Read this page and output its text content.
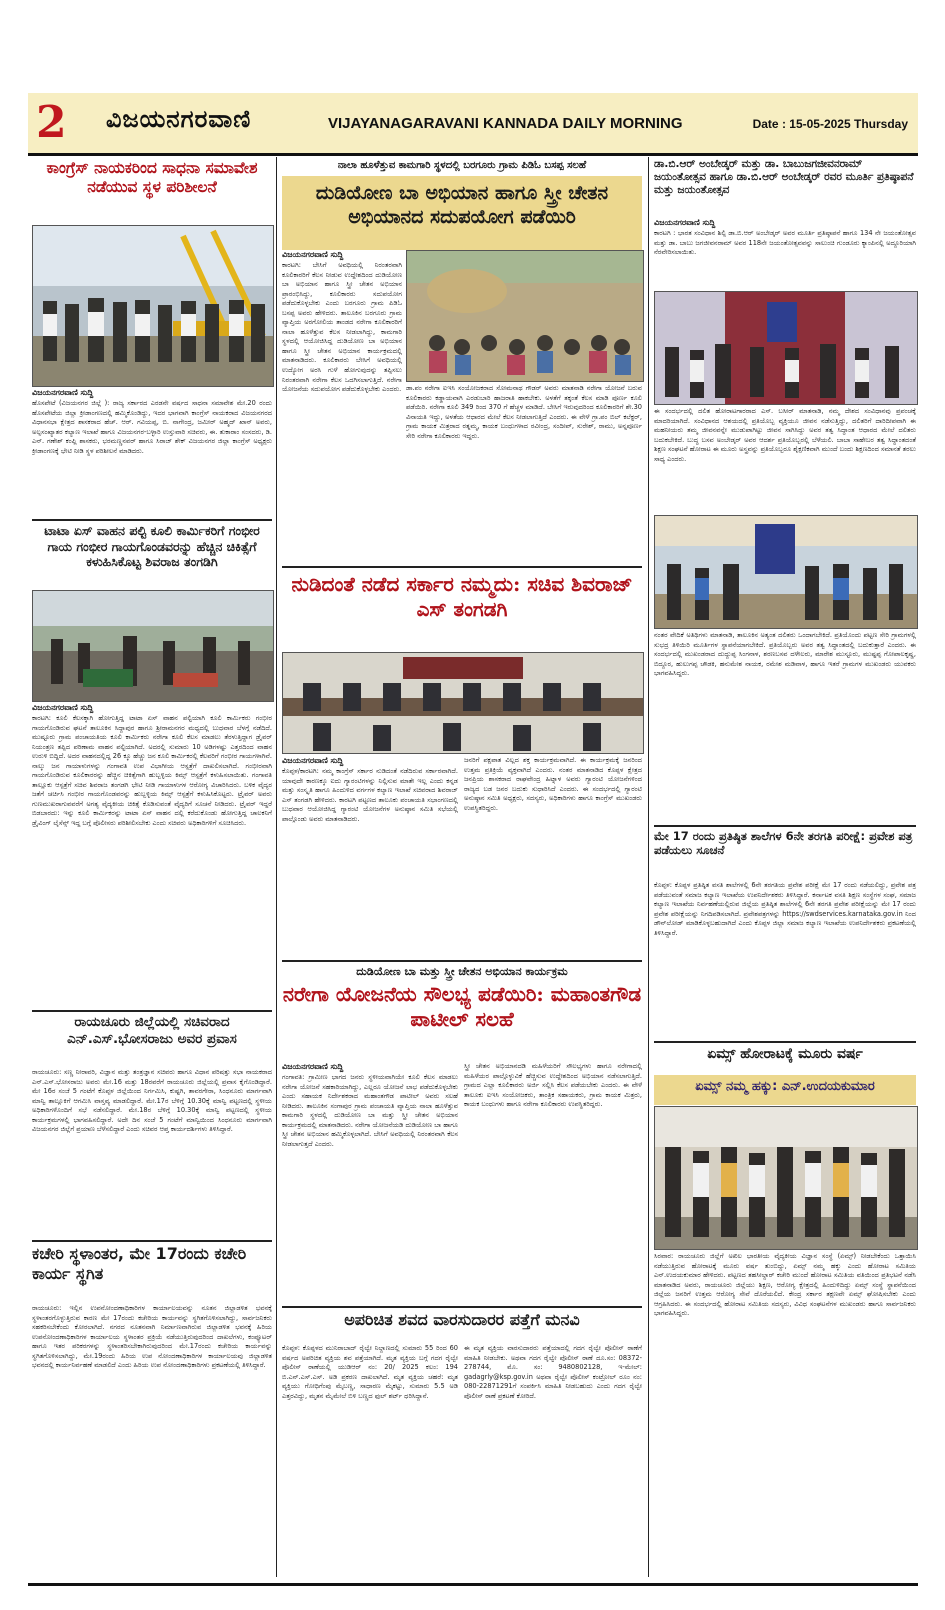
2 ವಿಜಯನಗರವಾಣಿ	VIJAYANAGARAVANI KANNADA DAILY MORNING	Date : 15-05-2025 Thursday
ಕಾಂಗ್ರೆಸ್ ನಾಯಕರಿಂದ ಸಾಧನಾ ಸಮಾವೇಶ ನಡೆಯುವ ಸ್ಥಳ ಪರಿಶೀಲನೆ
ವಿಜಯನಗರವಾಣಿ ಸುದ್ದಿ
ಹೊಸಪೇಟೆ (ವಿಜಯನಗರ ಜಿಲ್ಲೆ ): ರಾಜ್ಯ ಸರ್ಕಾರದ ಎರಡನೇ ವರ್ಷದ ಸಾಧನಾ ಸಮಾವೇಶ ಮೇ.20 ರಂದು ಹೊಸಪೇಟೆಯ ಜಿಲ್ಲಾ ಕ್ರೀಡಾಂಗಣದಲ್ಲಿ ಹಮ್ಮಿಕೊಂಡಿದ್ದು, ಇದರ ಭಾಗವಾಗಿ ಕಾಂಗ್ರೆಸ್ ನಾಯಕರಾದ ವಿಜಯನಗರದ ವಿಧಾನಸಭಾ ಕ್ಷೇತ್ರದ ಶಾಸಕರಾದ ಹೆಚ್. ಆರ್. ಗವಿಯಪ್ಪ, ಬಿ. ನಾಗೇಂದ್ರ, ಜಮೀರ್ ಅಹ್ಮದ್ ಖಾನ್ ಅವರು, ಅಲ್ಪಸಂಖ್ಯಾತರ ಕಲ್ಯಾಣ ಇಲಾಖೆ ಹಾಗೂ ವಿಜಯನಗರ-ಬಳ್ಳಾರಿ ಉಸ್ತುವಾರಿ ಸಚಿವರು, ಈ. ತುಕಾರಾಂ ಸಂಸದರು, ಡಿ. ಎನ್. ಗಣೇಶ್ ಕಂಪ್ಲಿ ಶಾಸಕರು, ಭರಮಣ್ಣನವರ್ ಹಾಗೂ ಸಿರಾಜ್ ಶೇಕ್ ವಿಜಯನಗರ ಜಿಲ್ಲಾ ಕಾಂಗ್ರೆಸ್ ಅಧ್ಯಕ್ಷರು ಕ್ರೀಡಾಂಗಣಕ್ಕೆ ಭೇಟಿ ನೀಡಿ ಸ್ಥಳ ಪರಿಶೀಲನೆ ಮಾಡಿದರು.
ಟಾಟಾ ಏಸ್ ವಾಹನ ಪಲ್ಟಿ ಕೂಲಿ ಕಾರ್ಮಿಕರಿಗೆ ಗಂಭೀರ ಗಾಯ ಗಂಭೀರ ಗಾಯಗೊಂಡವರನ್ನು ಹೆಚ್ಚಿನ ಚಿಕಿತ್ಸೆಗೆ ಕಳುಹಿಸಿಕೊಟ್ಟ ಶಿವರಾಜ ತಂಗಡಿಗಿ
ವಿಜಯನಗರವಾಣಿ ಸುದ್ದಿ
ಕಾರಟಗಿ: ಕೂಲಿ ಕೆಲಸಕ್ಕಾಗಿ ಹೋಗುತ್ತಿದ್ದ ಟಾಟಾ ಏಸ್ ವಾಹನ ಪಲ್ಟಿಯಾಗಿ ಕೂಲಿ ಕಾರ್ಮಿಕರು ಗಂಭೀರ ಗಾಯಗೊಂಡಿರುವ ಘಟನೆ ತಾಲೂಕಿನ ಸಿದ್ದಾಪುರ ಹಾಗೂ ಶ್ರೀರಾಮನಗರ ಮಧ್ಯದಲ್ಲಿ ಬುಧವಾರ ಬೆಳಗ್ಗೆ ನಡೆದಿದೆ. ಮುಷ್ಟೂರು ಗ್ರಾಮ ಪಂಚಾಯತಿಯ ಕೂಲಿ ಕಾರ್ಮಿಕರು ನರೇಗಾ ಕೂಲಿ ಕೆಲಸ ಮಾಡಲು ತೆರಳುತ್ತಿದ್ದಾಗ ಡ್ರೈವರ್ ನಿಯಂತ್ರಣ ತಪ್ಪಿದ ಪರಿಣಾಮ ವಾಹನ ಪಲ್ಟಿಯಾಗಿದೆ. ಅದರಲ್ಲಿ ಸುಮಾರು 10 ಅಡಿಗಳಷ್ಟು ಎತ್ತರದಿಂದ ವಾಹನ ಉರುಳಿ ಬಿದ್ದಿದೆ. ಅದರ ವಾಹನದಲ್ಲಿದ್ದ 26 ಕ್ಕೂ ಹೆಚ್ಚು ಜನ ಕೂಲಿ ಕಾರ್ಮಿಕರಲ್ಲಿ ಕೆಲವರಿಗೆ ಗಂಭೀರ ಗಾಯಗಳಾಗಿವೆ. ನಾಲ್ಕು ಜನ ಗಾಯಾಳುಗಳನ್ನು ಗಂಗಾವತಿ ಉಪ ವಿಭಾಗೀಯ ಆಸ್ಪತ್ರೆಗೆ ದಾಖಲಿಸಲಾಗಿದೆ. ಗಂಭೀರವಾಗಿ ಗಾಯಗೊಂಡಿರುವ ಕೂಲಿಕಾರರನ್ನು ಹೆಚ್ಚಿನ ಚಿಕಿತ್ಸೆಗಾಗಿ ಹುಬ್ಬಳ್ಳಿಯ ಕಿಮ್ಸ್ ಆಸ್ಪತ್ರೆಗೆ ಕಳುಹಿಸಲಾಯಿತು. ಗಂಗಾವತಿ ತಾಲ್ಲೂಕು ಆಸ್ಪತ್ರೆಗೆ ಸಚಿವ ಶಿವರಾಜ ತಂಗಡಗಿ ಭೇಟಿ ನೀಡಿ ಗಾಯಾಳುಗಳ ಆರೋಗ್ಯ ವಿಚಾರಿಸಿದರು. ಬಳಿಕ ವೈದ್ಯರ ಜತೆಗೆ ಚರ್ಚಿಸಿ ಗಂಭೀರ ಗಾಯಗೊಂಡವರನ್ನು ಹುಬ್ಬಳ್ಳಿಯ ಕಿಮ್ಸ್ ಆಸ್ಪತ್ರೆಗೆ ಕಳುಹಿಸಿಕೊಟ್ಟರು. ಟ್ರೈವರ್ ಅವರು ಗುಣಮುಖರಾಗುವವರೆಗೆ ಅಗತ್ಯ ವೈದ್ಯಕೀಯ ಚಿಕಿತ್ಸೆ ಕೊಡಿಸುವಂತೆ ವೈದ್ಯರಿಗೆ ಸೂಚನೆ ನೀಡಿದರು. ಟ್ರೈವರ್ ಇದ್ದರೆ ಬಿಡಬಾರದು: ಇನ್ನು ಕೂಲಿ ಕಾರ್ಮಿಕರನ್ನು ಟಾಟಾ ಏಸ್ ವಾಹನ ದಲ್ಲಿ ಕರೆದುಕೊಂಡು ಹೋಗುತ್ತಿದ್ದ ಚಾಲಕನಿಗೆ ಡ್ರೈವಿಂಗ್ ಲೈಸೆನ್ಸ್ ಇದ್ದ ಬಗ್ಗೆ ಪೊಲೀಸರು ಪರಿಶೀಲಿಸಬೇಕು ಎಂದು ಸಚಿವರು ಅಧಿಕಾರಿಗಳಿಗೆ ಸೂಚಿಸಿದರು.
ರಾಯಚೂರು ಜಿಲ್ಲೆಯಲ್ಲಿ ಸಚಿವರಾದ ಎನ್.ಎಸ್.ಭೋಸರಾಜು ಅವರ ಪ್ರವಾಸ
ರಾಯಚೂರು: ಸಣ್ಣ ನೀರಾವರಿ, ವಿಜ್ಞಾನ ಮತ್ತು ತಂತ್ರಜ್ಞಾನ ಸಚಿವರು ಹಾಗೂ ವಿಧಾನ ಪರಿಷತ್ತು ಸಭಾ ನಾಯಕರಾದ ಎನ್.ಎಸ್.ಭೋಸರಾಜು ಅವರು ಮೇ.16 ಮತ್ತು 18ರವರೆಗೆ ರಾಯಚೂರು ಜಿಲ್ಲೆಯಲ್ಲಿ ಪ್ರವಾಸ ಕೈಗೊಂಡಿದ್ದಾರೆ. ಮೇ 16ರ ಸಂಜೆ 5 ಗಂಟೆಗೆ ಕೊಪ್ಪಳ ಜಿಲ್ಲೆಯಿಂದ ನಿರ್ಗಮಿಸಿ, ಕುಷ್ಟಗಿ, ತಾವರಗೇರಾ, ಸಿಂಧನೂರು ಮಾರ್ಗವಾಗಿ ಮಾನ್ವಿ ತಾಲ್ಲೂಕಿಗೆ ಆಗಮಿಸಿ ವಾಸ್ತವ್ಯ ಮಾಡಲಿದ್ದಾರೆ. ಮೇ.17ರ ಬೆಳಿಗ್ಗೆ 10.30ಕ್ಕೆ ಮಾನ್ವಿ ಪಟ್ಟಣದಲ್ಲಿ ಸ್ಥಳೀಯ ಅಧಿಕಾರಿಗಳೊಂದಿಗೆ ಸಭೆ ನಡೆಸಲಿದ್ದಾರೆ. ಮೇ.18ರ ಬೆಳಿಗ್ಗೆ 10.30ಕ್ಕೆ ಮಾನ್ವಿ ಪಟ್ಟಣದಲ್ಲಿ ಸ್ಥಳೀಯ ಕಾರ್ಯಕ್ರಮಗಳಲ್ಲಿ ಭಾಗವಹಿಸಲಿದ್ದಾರೆ. ಅದೇ ದಿನ ಸಂಜೆ 5 ಗಂಟೆಗೆ ಮಾನ್ವಿಯಿಂದ ಸಿಂಧನೂರು ಮಾರ್ಗವಾಗಿ ವಿಜಯನಗರ ಜಿಲ್ಲೆಗೆ ಪ್ರಯಾಣ ಬೆಳೆಸಲಿದ್ದಾರೆ ಎಂದು ಸಚಿವರ ಆಪ್ತ ಕಾರ್ಯದರ್ಶಿಗಳು ತಿಳಿಸಿದ್ದಾರೆ.
ಕಚೇರಿ ಸ್ಥಳಾಂತರ, ಮೇ 17ರಂದು ಕಚೇರಿ ಕಾರ್ಯ ಸ್ಥಗಿತ
ರಾಯಚೂರು: ಇಲ್ಲಿನ ಉಪನೋಂದಣಾಧಿಕಾರಿಗಳ ಕಾರ್ಯಾಲಯವನ್ನು ನೂತನ ಜಿಲ್ಲಾಡಳಿತ ಭವನಕ್ಕೆ ಸ್ಥಳಾಂತರಗೊಳ್ಳುತ್ತಿರುವ ಕಾರಣ ಮೇ 17ರಂದು ಕಚೇರಿಯ ಕಾರ್ಯವನ್ನು ಸ್ಥಗಿತಗೊಳಿಸಲಾಗಿದ್ದು, ಸಾರ್ವಜನಿಕರು ಸಹಕರಿಸಬೇಕೆಂದು ಕೋರಲಾಗಿದೆ. ನಗರದ ನೂತನವಾಗಿ ನಿರ್ಮಾಣವಾಗಿರುವ ಜಿಲ್ಲಾಡಳಿತ ಭವನಕ್ಕೆ ಹಿರಿಯ ಉಪನೋಂದಣಾಧಿಕಾರಿಗಳ ಕಾರ್ಯಾಲಯ ಸ್ಥಳಾಂತರ ಪ್ರಕ್ರಿಯೆ ನಡೆಯುತ್ತಿರುವುದರಿಂದ ದಾಖಲೆಗಳು, ಕಂಪ್ಯೂಟರ್ ಹಾಗೂ ಇತರ ಪರಿಕರಗಳನ್ನು ಸ್ಥಳಾಂತರಿಸಬೇಕಾಗಿರುವುದರಿಂದ ಮೇ.17ರಂದು ಕಚೇರಿಯ ಕಾರ್ಯವನ್ನು ಸ್ಥಗಿತಗೊಳಿಸಲಾಗಿದ್ದು, ಮೇ.19ರಂದು ಹಿರಿಯ ಉಪ ನೋಂದಣಾಧಿಕಾರಿಗಳ ಕಾರ್ಯಾಲಯವು ಜಿಲ್ಲಾಡಳಿತ ಭವನದಲ್ಲಿ ಕಾರ್ಯನಿರ್ವಹಣೆ ಮಾಡಲಿದೆ ಎಂದು ಹಿರಿಯ ಉಪ ನೋಂದಣಾಧಿಕಾರಿಗಳು ಪ್ರಕಟಣೆಯಲ್ಲಿ ತಿಳಿಸಿದ್ದಾರೆ.
ನಾಲಾ ಹೂಳೆತ್ತುವ ಕಾಮಗಾರಿ ಸ್ಥಳದಲ್ಲಿ ಬರಗೂರು ಗ್ರಾಮ ಪಿಡಿಓ ಬಸಪ್ಪ ಸಲಹೆ
ದುಡಿಯೋಣ ಬಾ ಅಭಿಯಾನ ಹಾಗೂ ಸ್ತ್ರೀ ಚೇತನ ಅಭಿಯಾನದ ಸದುಪಯೋಗ ಪಡೆಯಿರಿ
ವಿಜಯನಗರವಾಣಿ ಸುದ್ದಿ
ಕಾರಟಗಿ: ಬೇಸಿಗೆ ಅವಧಿಯಲ್ಲಿ ನಿರಂತರವಾಗಿ ಕೂಲಿಕಾರರಿಗೆ ಕೆಲಸ ನೀಡುವ ಉದ್ದೇಶದಿಂದ ದುಡಿಯೋಣ ಬಾ ಅಭಿಯಾನ ಹಾಗೂ ಸ್ತ್ರೀ ಚೇತನ ಅಭಿಯಾನ ಪ್ರಾರಂಭಿಸಿದ್ದು, ಕೂಲಿಕಾರರು ಸದುಪಯೋಗ ಪಡೆದುಕೊಳ್ಳಬೇಕು ಎಂದು ಬರಗೂರು ಗ್ರಾಮ ಪಿಡಿಓ ಬಸಪ್ಪ ಅವರು ಹೇಳಿದರು. ತಾಲೂಕಿನ ಬರಗೂರು ಗ್ರಾಮ ವ್ಯಾಪ್ತಿಯ ಅರಗೋಲಿಯ ತಾಂಡದ ನರೇಗಾ ಕೂಲಿಕಾರರಿಗೆ ನಾಲಾ ಹೂಳೆತ್ತುವ ಕೆಲಸ ನೀಡಲಾಗಿದ್ದು, ಕಾಮಗಾರಿ ಸ್ಥಳದಲ್ಲಿ ಆಯೋಜಿಸಿದ್ದ ದುಡಿಯೋಣ ಬಾ ಅಭಿಯಾನ ಹಾಗೂ ಸ್ತ್ರೀ ಚೇತನ ಅಭಿಯಾನ ಕಾರ್ಯಕ್ರಮದಲ್ಲಿ ಮಾತನಾಡಿದರು. ಕೂಲಿಕಾರರು ಬೇಸಿಗೆ ಅವಧಿಯಲ್ಲಿ ಉದ್ಯೋಗ ಅರಸಿ ಗುಳೆ ಹೋಗುವುದನ್ನು ತಪ್ಪಿಸಲು ನಿರಂತರವಾಗಿ ನರೇಗಾ ಕೆಲಸ ಒದಗಿಸಲಾಗುತ್ತಿದೆ. ನರೇಗಾ ಯೋಜನೆಯ ಸದುಪಯೋಗ ಪಡೆದುಕೊಳ್ಳಬೇಕು ಎಂದರು. ಡಾ.ಪಂ ನರೇಗಾ ಐಇಸಿ ಸಂಯೋಜಕರಾದ ಸೋಮನಾಥ ಗೌಡರ್ ಅವರು ಮಾತನಾಡಿ ನರೇಗಾ ಯೋಜನೆ ಬರುವ ಕೂಲಿಕಾರರು ಕಡ್ಡಾಯವಾಗಿ ಎರಡುಬಾರಿ ಹಾಜರಾತಿ ಹಾಕಬೇಕು. ಅಳತೆಗೆ ತಕ್ಕಂತೆ ಕೆಲಸ ಮಾಡಿ ಪೂರ್ಣ ಕೂಲಿ ಪಡೆಯಿರಿ. ನರೇಗಾ ಕೂಲಿ 349 ರಿಂದ 370 ಗೆ ಹೆಚ್ಚಳ ಮಾಡಿದೆ. ಬೇಸಿಗೆ ಇರುವುದರಿಂದ ಕೂಲಿಕಾರರಿಗೆ ಶೇ.30 ವಿನಾಯತಿ ಇದ್ದು, ಅಳತೆಯ ಆಧಾರದ ಮೇಲೆ ಕೆಲಸ ನೀಡಲಾಗುತ್ತಿದೆ ಎಂದರು. ಈ ವೇಳೆ ಗ್ರಾ.ಪಂ ಬಿಲ್ ಕಲೆಕ್ಟರ್, ಗ್ರಾಮ ಕಾಯಕ ಮಿತ್ರರಾದ ರತ್ನಮ್ಮ, ಕಾಯಕ ಬಂಧುಗಳಾದ ರವೀಂದ್ರ, ಸಂದೀಪ್, ಸುರೇಶ್, ರಾಮು, ಅನ್ನಪೂರ್ಣ ಸೇರಿ ನರೇಗಾ ಕೂಲಿಕಾರರು ಇದ್ದರು.
ನುಡಿದಂತೆ ನಡೆದ ಸರ್ಕಾರ ನಮ್ಮದು: ಸಚಿವ ಶಿವರಾಜ್ ಎಸ್ ತಂಗಡಗಿ
ವಿಜಯನಗರವಾಣಿ ಸುದ್ದಿ
ಕೊಪ್ಪಳ/ಕಾರಟಗಿ: ನಮ್ಮ ಕಾಂಗ್ರೆಸ್ ಸರ್ಕಾರ ನುಡಿದಂತೆ ನಡೆದಿರುವ ಸರ್ಕಾರವಾಗಿದೆ. ಯಾವುದೇ ಕಾರಣಕ್ಕೂ ಐದು ಗ್ಯಾರಂಟಿಗಳನ್ನು ನಿಲ್ಲಿಸುವ ಮಾತೇ ಇಲ್ಲ ಎಂದು ಕನ್ನಡ ಮತ್ತು ಸಂಸ್ಕೃತಿ ಹಾಗೂ ಹಿಂದುಳಿದ ವರ್ಗಗಳ ಕಲ್ಯಾಣ ಇಲಾಖೆ ಸಚಿವರಾದ ಶಿವರಾಜ್ ಎಸ್ ತಂಗಡಗಿ ಹೇಳಿದರು. ಕಾರಟಗಿ ಪಟ್ಟಣದ ತಾಲೂಕು ಪಂಚಾಯತಿ ಸಭಾಂಗಣದಲ್ಲಿ ಬುಧವಾರ ಆಯೋಜಿಸಿದ್ದ ಗ್ಯಾರಂಟಿ ಯೋಜನೆಗಳ ಅನುಷ್ಠಾನ ಸಮಿತಿ ಸಭೆಯಲ್ಲಿ ಪಾಲ್ಗೊಂಡು ಅವರು ಮಾತನಾಡಿದರು.
ಜನರಿಗೆ ಪಕ್ಷಪಾತ ವಿಲ್ಲದ ಶಕ್ತ ಕಾರ್ಯಕ್ರಮವಾಗಿದೆ. ಈ ಕಾರ್ಯಕ್ರಮಕ್ಕೆ ಜನರಿಂದ ಉತ್ತಮ ಪ್ರತಿಕ್ರಿಯೆ ವ್ಯಕ್ತವಾಗಿದೆ ಎಂದರು. ನಂತರ ಮಾತನಾಡಿದ ಕೊಪ್ಪಳ ಕ್ಷೇತ್ರದ ಜನಪ್ರಿಯ ಶಾಸಕರಾದ ರಾಘವೇಂದ್ರ ಹಿಟ್ನಾಳ ಅವರು ಗ್ಯಾರಂಟಿ ಯೋಜನೆಗಳಿಂದ ರಾಜ್ಯದ ಬಡ ಜನರ ಬದುಕು ಸುಧಾರಿಸಿದೆ ಎಂದರು. ಈ ಸಂದರ್ಭದಲ್ಲಿ ಗ್ಯಾರಂಟಿ ಅನುಷ್ಠಾನ ಸಮಿತಿ ಅಧ್ಯಕ್ಷರು, ಸದಸ್ಯರು, ಅಧಿಕಾರಿಗಳು ಹಾಗೂ ಕಾಂಗ್ರೆಸ್ ಮುಖಂಡರು ಉಪಸ್ಥಿತರಿದ್ದರು.
ದುಡಿಯೋಣ ಬಾ ಮತ್ತು ಸ್ತ್ರೀ ಚೇತನ ಅಭಿಯಾನ ಕಾರ್ಯಕ್ರಮ
ನರೇಗಾ ಯೋಜನೆಯ ಸೌಲಭ್ಯ ಪಡೆಯಿರಿ: ಮಹಾಂತಗೌಡ ಪಾಟೀಲ್ ಸಲಹೆ
ವಿಜಯನಗರವಾಣಿ ಸುದ್ದಿ
ಗಂಗಾವತಿ: ಗ್ರಾಮೀಣ ಭಾಗದ ಜನರು ಸ್ಥಳೀಯವಾಗಿಯೇ ಕೂಲಿ ಕೆಲಸ ಮಾಡಲು ನರೇಗಾ ಯೋಜನೆ ಸಹಕಾರಿಯಾಗಿದ್ದು, ಎಲ್ಲರೂ ಯೋಜನೆ ಲಾಭ ಪಡೆದುಕೊಳ್ಳಬೇಕು ಎಂದು ಸಹಾಯಕ ನಿರ್ದೇಶಕರಾದ ಮಹಾಂತಗೌಡ ಪಾಟೀಲ್ ಅವರು ಸಲಹೆ ನೀಡಿದರು. ತಾಲೂಕಿನ ಸಂಗಾಪುರ ಗ್ರಾಮ ಪಂಚಾಯತಿ ವ್ಯಾಪ್ತಿಯ ನಾಲಾ ಹೂಳೆತ್ತುವ ಕಾಮಗಾರಿ ಸ್ಥಳದಲ್ಲಿ ದುಡಿಯೋಣ ಬಾ ಮತ್ತು ಸ್ತ್ರೀ ಚೇತನ ಅಭಿಯಾನ ಕಾರ್ಯಕ್ರಮದಲ್ಲಿ ಮಾತನಾಡಿದರು. ನರೇಗಾ ಯೋಜನೆಯಡಿ ದುಡಿಯೋಣ ಬಾ ಹಾಗೂ ಸ್ತ್ರೀ ಚೇತನ ಅಭಿಯಾನ ಹಮ್ಮಿಕೊಳ್ಳಲಾಗಿದೆ. ಬೇಸಿಗೆ ಅವಧಿಯಲ್ಲಿ ನಿರಂತರವಾಗಿ ಕೆಲಸ ನೀಡಲಾಗುತ್ತದೆ ಎಂದರು.
ಸ್ತ್ರೀ ಚೇತನ ಅಭಿಯಾನದಡಿ ಮಹಿಳೆಯರಿಗೆ ಸೌಲಭ್ಯಗಳು ಹಾಗೂ ನರೇಗಾದಲ್ಲಿ ಮಹಿಳೆಯರ ಪಾಲ್ಗೊಳ್ಳುವಿಕೆ ಹೆಚ್ಚಿಸುವ ಉದ್ದೇಶದಿಂದ ಅಭಿಯಾನ ನಡೆಸಲಾಗುತ್ತಿದೆ. ಗ್ರಾಮದ ಎಲ್ಲಾ ಕೂಲಿಕಾರರು ಅರ್ಜಿ ಸಲ್ಲಿಸಿ ಕೆಲಸ ಪಡೆಯಬೇಕು ಎಂದರು. ಈ ವೇಳೆ ತಾಲೂಕು ಐಇಸಿ ಸಂಯೋಜಕರು, ತಾಂತ್ರಿಕ ಸಹಾಯಕರು, ಗ್ರಾಮ ಕಾಯಕ ಮಿತ್ರರು, ಕಾಯಕ ಬಂಧುಗಳು ಹಾಗೂ ನರೇಗಾ ಕೂಲಿಕಾರರು ಉಪಸ್ಥಿತರಿದ್ದರು.
ಅಪರಿಚಿತ ಶವದ ವಾರಸುದಾರರ ಪತ್ತೆಗೆ ಮನವಿ
ಕೊಪ್ಪಳ: ಕೊಪ್ಪಳದ ಮುನಿರಾಬಾದ್ ರೈಲ್ವೇ ನಿಲ್ದಾಣದಲ್ಲಿ ಸುಮಾರು 55 ರಿಂದ 60 ವರ್ಷದ ಅಪರಿಚಿತ ವ್ಯಕ್ತಿಯ ಶವ ಪತ್ತೆಯಾಗಿದೆ. ಮೃತ ವ್ಯಕ್ತಿಯ ಬಗ್ಗೆ ಗದಗ ರೈಲ್ವೇ ಪೊಲೀಸ್ ಠಾಣೆಯಲ್ಲಿ ಯುಡಿಆರ್ ನಂ: 20/ 2025 ಕಲಂ: 194 ಬಿ.ಎನ್.ಎಸ್.ಎಸ್. ಅಡಿ ಪ್ರಕರಣ ದಾಖಲಾಗಿದೆ. ಮೃತ ವ್ಯಕ್ತಿಯ ಚಹರೆ: ಮೃತ ವ್ಯಕ್ತಿಯು ಗೋಧಿಗೆಂಪು ಮೈಬಣ್ಣ, ಸಾಧಾರಣ ಮೈಕಟ್ಟು, ಸುಮಾರು 5.5 ಅಡಿ ಎತ್ತರವಿದ್ದು, ಮೃತನ ಮೈಮೇಲೆ ಬಿಳಿ ಬಣ್ಣದ ಫುಲ್ ಶರ್ಟ್ ಧರಿಸಿದ್ದಾನೆ.
ಈ ಮೃತ ವ್ಯಕ್ತಿಯ ವಾರಸುದಾರರು ಪತ್ತೆಯಾದಲ್ಲಿ ಗದಗ ರೈಲ್ವೇ ಪೊಲೀಸ್ ಠಾಣೆಗೆ ಮಾಹಿತಿ ನೀಡಬೇಕು. ಅಥವಾ ಗದಗ ರೈಲ್ವೇ ಪೊಲೀಸ್ ಠಾಣೆ ದೂ.ಸಂ: 08372-278744, ಮೊ. ಸಂ: 9480802128, ಇ-ಮೇಲ್: gadagrly@ksp.gov.in ಅಥವಾ ರೈಲ್ವೇ ಪೊಲೀಸ್ ಕಂಟ್ರೋಲ್ ರೂಂ ನಂ: 080-22871291ಗೆ ಸಂಪರ್ಕಿಸಿ ಮಾಹಿತಿ ನೀಡಬಹುದು ಎಂದು ಗದಗ ರೈಲ್ವೇ ಪೊಲೀಸ್ ಠಾಣೆ ಪ್ರಕಟಣೆ ಕೋರಿದೆ.
ಡಾ.ಬಿ.ಆರ್ ಅಂಬೇಡ್ಕರ್ ಮತ್ತು ಡಾ. ಬಾಬುಜಗಜೀವನರಾಮ್ ಜಯಂತೋತ್ಸವ ಹಾಗೂ ಡಾ.ಬಿ.ಆರ್ ಅಂಬೇಡ್ಕರ್ ರವರ ಮೂರ್ತಿ ಪ್ರತಿಷ್ಠಾಪನೆ ಮತ್ತು ಜಯಂತೋತ್ಸವ
ವಿಜಯನಗರವಾಣಿ ಸುದ್ದಿ
ಕಾರಟಗಿ : ಭಾರತ ಸಂವಿಧಾನ ಶಿಲ್ಪಿ ಡಾ.ಬಿ.ಆರ್ ಅಂಬೇಡ್ಕರ್ ಅವರ ಮೂರ್ತಿ ಪ್ರತಿಷ್ಠಾಪನೆ ಹಾಗೂ 134 ನೇ ಜಯಂತೋತ್ಸವ ಮತ್ತು ಡಾ. ಬಾಬು ಜಗಜೀವನರಾಮ್ ಅವರ 118ನೇ ಜಯಂತೋತ್ಸವವನ್ನು ಸಾಲುಂಚಿ ಗುಂಡೂರು ಕ್ಯಾಂಪಿನಲ್ಲಿ ಅದ್ದೂರಿಯಾಗಿ ನೆರವೇರಿಸಲಾಯಿತು.
ಈ ಸಂದರ್ಭದಲ್ಲಿ ದಲಿತ ಹೋರಾಟಗಾರರಾದ ಎಸ್. ಬಸೀರ್ ಮಾತನಾಡಿ, ನಮ್ಮ ದೇಶದ ಸಂವಿಧಾನವು ಪ್ರಪಂಚಕ್ಕೆ ಮಾದರಿಯಾಗಿದೆ. ಸಂವಿಧಾನದ ಆಶಯದಲ್ಲಿ ಪ್ರತಿಯೊಬ್ಬ ವ್ಯಕ್ತಿಯೂ ಜೀವನ ನಡೆಸುತ್ತಿದ್ದು, ದಲಿತರಿಗೆ ದಾರಿದೀಪವಾಗಿ ಈ ಮಹನೀಯರು ತಮ್ಮ ಜೀವನವನ್ನೇ ಮುಡುಪಾಗಿಟ್ಟು ಜೀವನ ಸಾಗಿಸಿದ್ದು ಅವರ ತತ್ವ ಸಿದ್ಧಾಂತ ಆಧಾರದ ಮೇಲೆ ದಲಿತರು ಬದುಕಬೇಕಿದೆ. ಬುದ್ಧ ಬಸವ ಅಂಬೇಡ್ಕರ್ ಅವರ ಆದರ್ಶ ಪ್ರತಿಯೊಬ್ಬರಲ್ಲಿ ಬೆಳೆಯಲಿ. ಬಾಬಾ ಸಾಹೇಬರ ತತ್ವ ಸಿದ್ಧಾಂತದಂತೆ ಶಿಕ್ಷಣ ಸಂಘಟನೆ ಹೋರಾಟ ಈ ಮೂರು ಅಸ್ತ್ರವನ್ನು ಪ್ರತಿಯೊಬ್ಬರೂ ಶೈಕ್ಷಣಿಕವಾಗಿ ಮುಂದೆ ಬಂದು ಶಿಕ್ಷಣದಿಂದ ಸಮಾನತೆ ತರಲು ಸಾಧ್ಯ ಎಂದರು.
ನಂತರ ವೇದಿಕೆ ಅತಿಥಿಗಳು ಮಾತನಾಡಿ, ತಾಲೂಕಿನ ಅತ್ಯಂತ ದಲಿತರು ಒಂದಾಗಬೇಕಿದೆ. ಪ್ರತಿಯೊಂದು ಪಟ್ಟಣ ಸೇರಿ ಗ್ರಾಮಗಳಲ್ಲಿ ಸುಭದ್ರ ತಿಳಿಯಿರಿ ಮೂರ್ತಿಗಳ ಸ್ಥಾಪನೆಯಾಗಬೇಕಿದೆ. ಪ್ರತಿಯೊಬ್ಬರು ಅವರ ತತ್ವ ಸಿದ್ಧಾಂತದಲ್ಲಿ ಬದುಕುತ್ತಾರೆ ಎಂದರು. ಈ ಸಂದರ್ಭದಲ್ಲಿ ಮುಖಂಡರಾದ ದುದ್ದುಪ್ಪ ಸಿಂಗನಾಳ, ಶರಣಬಸವ ದಳೇಲರು, ಮಾರೇಶ ಮುಸ್ಟೂರು, ಮುಷ್ಟಪ್ಪ ಗೋಪಾಲಕೃಷ್ಣ, ಬಿದ್ದೂರ, ಹುಲುಗಪ್ಪ ಚೌಡಕಿ, ಹನುಮೇಶ ನಾಯಕ, ರಮೇಶ ಮಡಿವಾಳ, ಹಾಗೂ ಇತರೆ ಗ್ರಾಮಗಳ ಮುಖಂಡರು ಯುವಕರು ಭಾಗವಹಿಸಿದ್ದರು.
ಮೇ 17 ರಂದು ಪ್ರತಿಷ್ಠಿತ ಶಾಲೆಗಳ 6ನೇ ತರಗತಿ ಪರೀಕ್ಷೆ: ಪ್ರವೇಶ ಪತ್ರ ಪಡೆಯಲು ಸೂಚನೆ
ಕೊಪ್ಪಳ: ಕೊಪ್ಪಳ ಪ್ರತಿಷ್ಠಿತ ವಸತಿ ಶಾಲೆಗಳಲ್ಲಿ 6ನೇ ತರಗತಿಯ ಪ್ರವೇಶ ಪರೀಕ್ಷೆ ಮೇ 17 ರಂದು ನಡೆಯಲಿದ್ದು, ಪ್ರವೇಶ ಪತ್ರ ಪಡೆಯುವಂತೆ ಸಮಾಜ ಕಲ್ಯಾಣ ಇಲಾಖೆಯ ಉಪನಿರ್ದೇಶಕರು ತಿಳಿಸಿದ್ದಾರೆ. ಕರ್ನಾಟಕ ವಸತಿ ಶಿಕ್ಷಣ ಸಂಸ್ಥೆಗಳ ಸಂಘ, ಸಮಾಜ ಕಲ್ಯಾಣ ಇಲಾಖೆಯ ನಿರ್ವಹಣೆಯಲ್ಲಿರುವ ಜಿಲ್ಲೆಯ ಪ್ರತಿಷ್ಠಿತ ಶಾಲೆಗಳಲ್ಲಿ 6ನೇ ತರಗತಿ ಪ್ರವೇಶ ಪರೀಕ್ಷೆಯನ್ನು ಮೇ 17 ರಂದು ಪ್ರವೇಶ ಪರೀಕ್ಷೆಯನ್ನು ನಿಗದಿಪಡಿಸಲಾಗಿದೆ. ಪ್ರವೇಶಪತ್ರಗಳನ್ನು https://swdservices.karnataka.gov.in ನಿಂದ ಡೌನ್‌ಲೋಡ್ ಮಾಡಿಕೊಳ್ಳಬಹುದಾಗಿದೆ ಎಂದು ಕೊಪ್ಪಳ ಜಿಲ್ಲಾ ಸಮಾಜ ಕಲ್ಯಾಣ ಇಲಾಖೆಯ ಉಪನಿರ್ದೇಶಕರು ಪ್ರಕಟಣೆಯಲ್ಲಿ ತಿಳಿಸಿದ್ದಾರೆ.
ಏಮ್ಸ್ ಹೋರಾಟಕ್ಕೆ ಮೂರು ವರ್ಷ
ಏಮ್ಸ್ ನಮ್ಮ ಹಕ್ಕು: ಎನ್.ಉದಯಕುಮಾರ
ಸಿರವಾರ: ರಾಯಚೂರು ಜಿಲ್ಲೆಗೆ ಅಖಿಲ ಭಾರತೀಯ ವೈದ್ಯಕೀಯ ವಿಜ್ಞಾನ ಸಂಸ್ಥೆ (ಏಮ್ಸ್) ನೀಡಬೇಕೆಂದು ಒತ್ತಾಯಿಸಿ ನಡೆಯುತ್ತಿರುವ ಹೋರಾಟಕ್ಕೆ ಮೂರು ವರ್ಷ ತುಂಬಿದ್ದು, ಏಮ್ಸ್ ನಮ್ಮ ಹಕ್ಕು ಎಂದು ಹೋರಾಟ ಸಮಿತಿಯ ಎನ್.ಉದಯಕುಮಾರ ಹೇಳಿದರು. ಪಟ್ಟಣದ ತಹಸೀಲ್ದಾರ್ ಕಚೇರಿ ಮುಂದೆ ಹೋರಾಟ ಸಮಿತಿಯ ವತಿಯಿಂದ ಪ್ರತಿಭಟನೆ ನಡೆಸಿ ಮಾತನಾಡಿದ ಅವರು, ರಾಯಚೂರು ಜಿಲ್ಲೆಯು ಶಿಕ್ಷಣ, ಆರೋಗ್ಯ ಕ್ಷೇತ್ರದಲ್ಲಿ ಹಿಂದುಳಿದಿದ್ದು ಏಮ್ಸ್ ಸಂಸ್ಥೆ ಸ್ಥಾಪನೆಯಿಂದ ಜಿಲ್ಲೆಯ ಜನರಿಗೆ ಉತ್ತಮ ಆರೋಗ್ಯ ಸೇವೆ ದೊರೆಯಲಿದೆ. ಕೇಂದ್ರ ಸರ್ಕಾರ ತಕ್ಷಣವೇ ಏಮ್ಸ್ ಘೋಷಿಸಬೇಕು ಎಂದು ಆಗ್ರಹಿಸಿದರು. ಈ ಸಂದರ್ಭದಲ್ಲಿ ಹೋರಾಟ ಸಮಿತಿಯ ಸದಸ್ಯರು, ವಿವಿಧ ಸಂಘಟನೆಗಳ ಮುಖಂಡರು ಹಾಗೂ ಸಾರ್ವಜನಿಕರು ಭಾಗವಹಿಸಿದ್ದರು.
